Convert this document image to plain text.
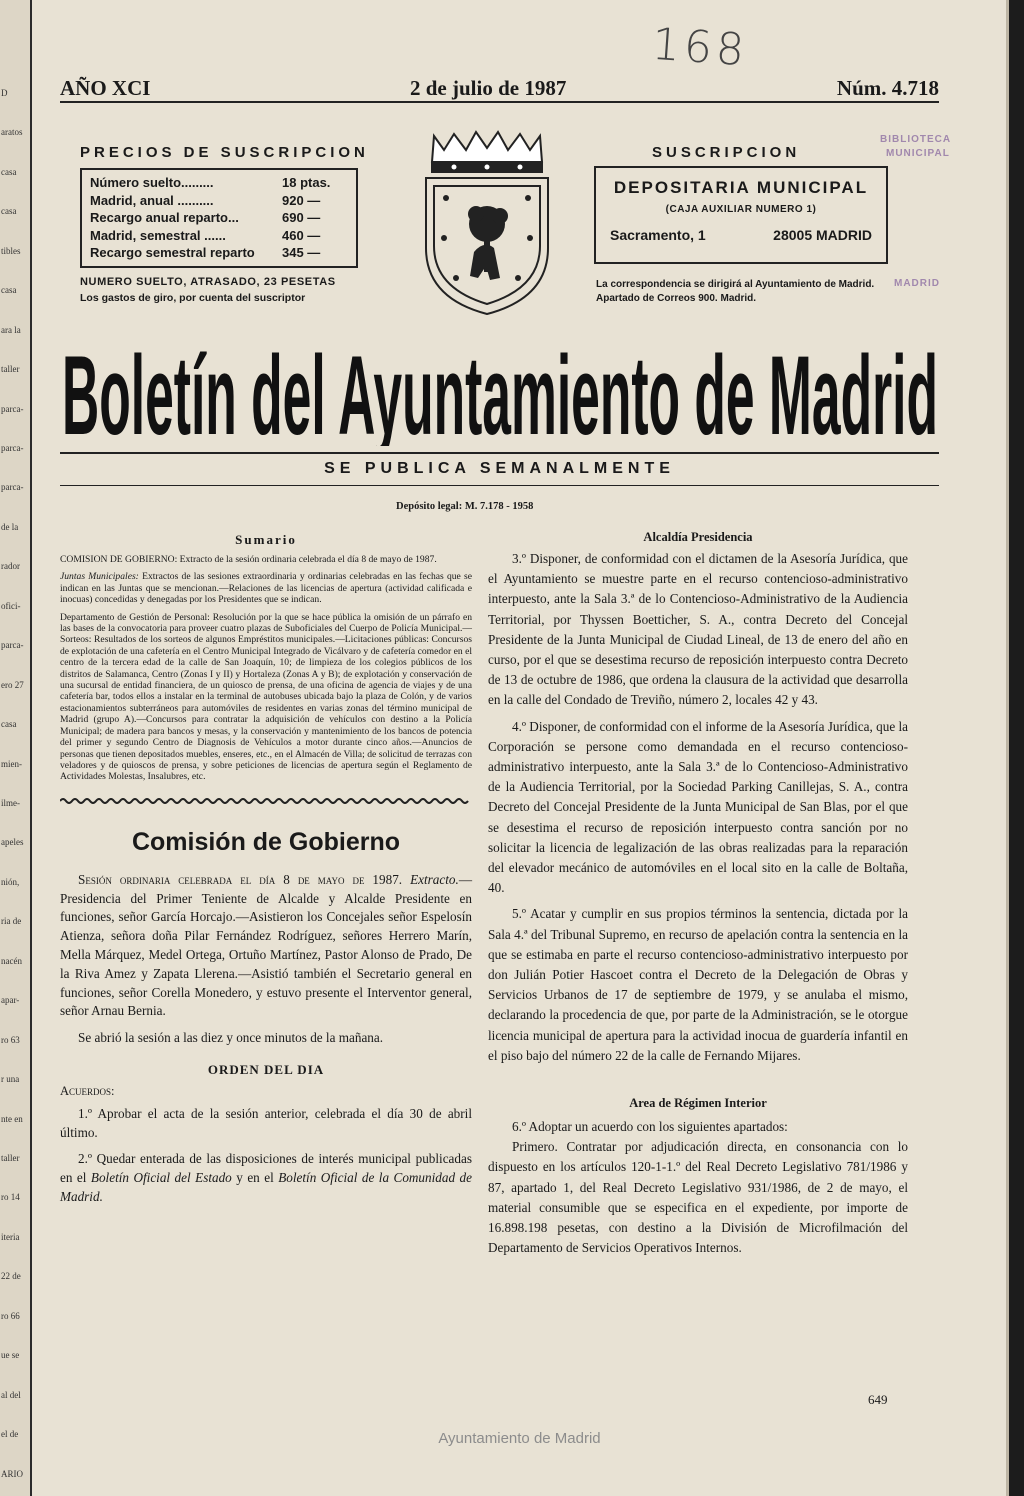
D
aratos
casa
casa
tibles
casa
ara la
taller
parca-
parca-
parca-
de la
rador
ofici-
parca-
ero 27
casa
mien-
ilme-
apeles
nión,
ria de
nacén
apar-
ro 63
r una
nte en
taller
ro 14
iteria
22 de
ro 66
ue se
al del
el de
ARIO
168
AÑO XCI	2 de julio de 1987	Núm. 4.718
PRECIOS DE SUSCRIPCION
Número suelto.........	18 ptas.
Madrid, anual ..........	920 —
Recargo anual reparto...	690 —
Madrid, semestral ......	460 —
Recargo semestral reparto	345 —
NUMERO SUELTO, ATRASADO, 23 PESETAS
Los gastos de giro, por cuenta del suscriptor
SUSCRIPCION
DEPOSITARIA MUNICIPAL
(CAJA AUXILIAR NUMERO 1)
Sacramento, 1	28005 MADRID
La correspondencia se dirigirá al Ayuntamiento de Madrid. Apartado de Correos 900. Madrid.
BIBLIOTECA
MUNICIPAL
MADRID
Boletín del Ayuntamiento de Madrid
SE PUBLICA SEMANALMENTE
Depósito legal: M. 7.178 - 1958
Sumario

COMISION DE GOBIERNO: Extracto de la sesión ordinaria celebrada el día 8 de mayo de 1987.

Juntas Municipales: Extractos de las sesiones extraordinaria y ordinarias celebradas en las fechas que se indican en las Juntas que se mencionan.—Relaciones de las licencias de apertura (actividad calificada e inocuas) concedidas y denegadas por los Presidentes que se indican.

Departamento de Gestión de Personal: Resolución por la que se hace pública la omisión de un párrafo en las bases de la convocatoria para proveer cuatro plazas de Suboficiales del Cuerpo de Policía Municipal.—Sorteos: Resultados de los sorteos de algunos Empréstitos municipales.—Licitaciones públicas: Concursos de explotación de una cafetería en el Centro Municipal Integrado de Vicálvaro y de cafetería comedor en el centro de la tercera edad de la calle de San Joaquín, 10; de limpieza de los colegios públicos de los distritos de Salamanca, Centro (Zonas I y II) y Hortaleza (Zonas A y B); de explotación y conservación de una sucursal de entidad financiera, de un quiosco de prensa, de una oficina de agencia de viajes y de una cafetería bar, todos ellos a instalar en la terminal de autobuses ubicada bajo la plaza de Colón, y de varios estacionamientos subterráneos para automóviles de residentes en varias zonas del término municipal de Madrid (grupo A).—Concursos para contratar la adquisición de vehículos con destino a la Policía Municipal; de madera para bancos y mesas, y la conservación y mantenimiento de los bancos de potencia del primer y segundo Centro de Diagnosis de Vehículos a motor durante cinco años.—Anuncios de personas que tienen depositados muebles, enseres, etc., en el Almacén de Villa; de solicitud de terrazas con veladores y de quioscos de prensa, y sobre peticiones de licencias de apertura según el Reglamento de Actividades Molestas, Insalubres, etc.

Comisión de Gobierno

Sesión ordinaria celebrada el día 8 de mayo de 1987. Extracto.—Presidencia del Primer Teniente de Alcalde y Alcalde Presidente en funciones, señor García Horcajo.—Asistieron los Concejales señor Espelosín Atienza, señora doña Pilar Fernández Rodríguez, señores Herrero Marín, Mella Márquez, Medel Ortega, Ortuño Martínez, Pastor Alonso de Prado, De la Riva Amez y Zapata Llerena.—Asistió también el Secretario general en funciones, señor Corella Monedero, y estuvo presente el Interventor general, señor Arnau Bernia.

Se abrió la sesión a las diez y once minutos de la mañana.

ORDEN DEL DIA
Acuerdos:

1.º Aprobar el acta de la sesión anterior, celebrada el día 30 de abril último.

2.º Quedar enterada de las disposiciones de interés municipal publicadas en el Boletín Oficial del Estado y en el Boletín Oficial de la Comunidad de Madrid.

Alcaldía Presidencia

3.º Disponer, de conformidad con el dictamen de la Asesoría Jurídica, que el Ayuntamiento se muestre parte en el recurso contencioso-administrativo interpuesto, ante la Sala 3.ª de lo Contencioso-Administrativo de la Audiencia Territorial, por Thyssen Boetticher, S. A., contra Decreto del Concejal Presidente de la Junta Municipal de Ciudad Lineal, de 13 de enero del año en curso, por el que se desestima recurso de reposición interpuesto contra Decreto de 13 de octubre de 1986, que ordena la clausura de la actividad que desarrolla en la calle del Condado de Treviño, número 2, locales 42 y 43.

4.º Disponer, de conformidad con el informe de la Asesoría Jurídica, que la Corporación se persone como demandada en el recurso contencioso-administrativo interpuesto, ante la Sala 3.ª de lo Contencioso-Administrativo de la Audiencia Territorial, por la Sociedad Parking Canillejas, S. A., contra Decreto del Concejal Presidente de la Junta Municipal de San Blas, por el que se desestima el recurso de reposición interpuesto contra sanción por no solicitar la licencia de legalización de las obras realizadas para la reparación del elevador mecánico de automóviles en el local sito en la calle de Boltaña, 40.

5.º Acatar y cumplir en sus propios términos la sentencia, dictada por la Sala 4.ª del Tribunal Supremo, en recurso de apelación contra la sentencia en la que se estimaba en parte el recurso contencioso-administrativo interpuesto por don Julián Potier Hascoet contra el Decreto de la Delegación de Obras y Servicios Urbanos de 17 de septiembre de 1979, y se anulaba el mismo, declarando la procedencia de que, por parte de la Administración, se le otorgue licencia municipal de apertura para la actividad inocua de guardería infantil en el piso bajo del número 22 de la calle de Fernando Mijares.

Area de Régimen Interior

6.º Adoptar un acuerdo con los siguientes apartados:

Primero. Contratar por adjudicación directa, en consonancia con lo dispuesto en los artículos 120-1-1.º del Real Decreto Legislativo 781/1986 y 87, apartado 1, del Real Decreto Legislativo 931/1986, de 2 de mayo, el material consumible que se especifica en el expediente, por importe de 16.898.198 pesetas, con destino a la División de Microfilmación del Departamento de Servicios Operativos Internos.

649
Ayuntamiento de Madrid
